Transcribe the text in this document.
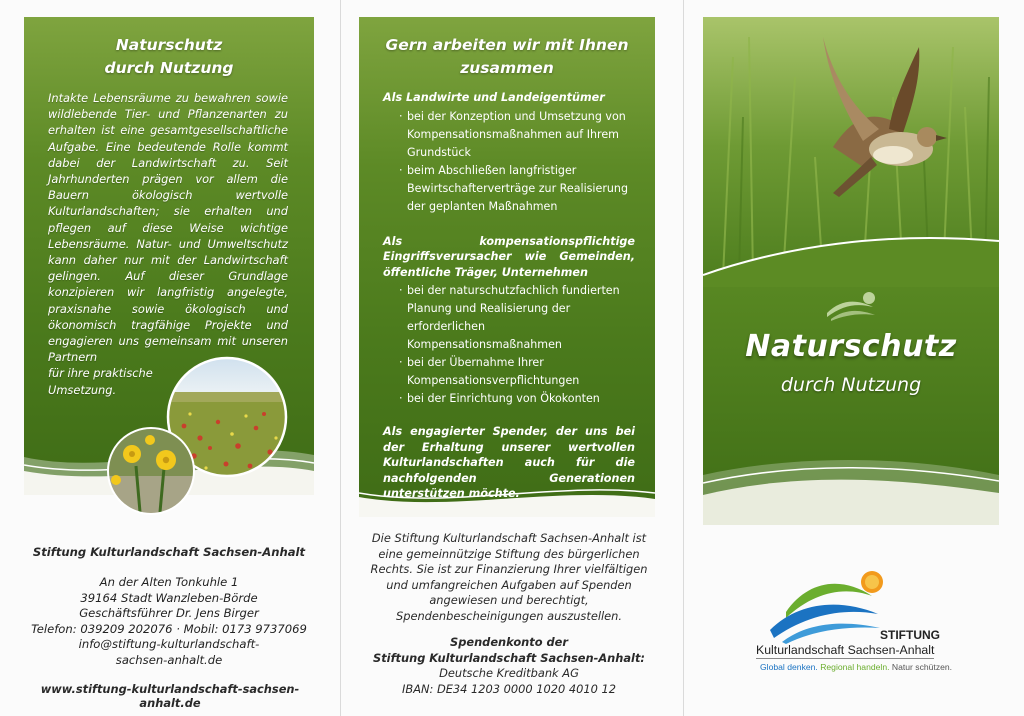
Naturschutz
durch Nutzung

Intakte Lebensräume zu bewahren sowie wildlebende Tier- und Pflanzenarten zu erhalten ist eine gesamtgesellschaftliche Aufgabe. Eine bedeutende Rolle kommt dabei der Landwirtschaft zu. Seit Jahrhunderten prägen vor allem die Bauern ökologisch wertvolle Kulturlandschaften; sie erhalten und pflegen auf diese Weise wichtige Lebensräume. Natur- und Umweltschutz kann daher nur mit der Landwirtschaft gelingen. Auf dieser Grundlage konzipieren wir langfristig angelegte, praxisnahe sowie ökologisch und ökonomisch tragfähige Projekte und engagieren uns gemeinsam mit unseren Partnern

für ihre praktische

Umsetzung.

Stiftung Kulturlandschaft Sachsen-Anhalt
An der Alten Tonkuhle 1
39164 Stadt Wanzleben-Börde
Geschäftsführer Dr. Jens Birger
Telefon: 039209 202076 · Mobil: 0173 9737069
info@stiftung-kulturlandschaft-
sachsen-anhalt.de
www.stiftung-kulturlandschaft-sachsen-anhalt.de
Gern arbeiten wir mit Ihnen
zusammen
Als Landwirte und Landeigentümer
· bei der Konzeption und Umsetzung von Kompensationsmaßnahmen auf Ihrem Grundstück
· beim Abschließen langfristiger Bewirtschafterverträge zur Realisierung der geplanten Maßnahmen
Als kompensationspflichtige Eingriffsverursacher wie Gemeinden, öffentliche Träger, Unternehmen
· bei der naturschutzfachlich fundierten Planung und Realisierung der erforderlichen Kompensationsmaßnahmen
· bei der Übernahme Ihrer Kompensationsverpflichtungen
· bei der Einrichtung von Ökokonten
Als engagierter Spender, der uns bei der Erhaltung unserer wertvollen Kulturlandschaften auch für die nachfolgenden Generationen unterstützen möchte.
Die Stiftung Kulturlandschaft Sachsen-Anhalt ist eine gemeinnützige Stiftung des bürgerlichen Rechts. Sie ist zur Finanzierung Ihrer vielfältigen und umfangreichen Aufgaben auf Spenden angewiesen und berechtigt, Spendenbescheinigungen auszustellen.
Spendenkonto der
Stiftung Kulturlandschaft Sachsen-Anhalt:
Deutsche Kreditbank AG
IBAN: DE34 1203 0000 1020 4010 12
Naturschutz
durch Nutzung
STIFTUNG
Kulturlandschaft Sachsen-Anhalt
Global denken. Regional handeln. Natur schützen.
